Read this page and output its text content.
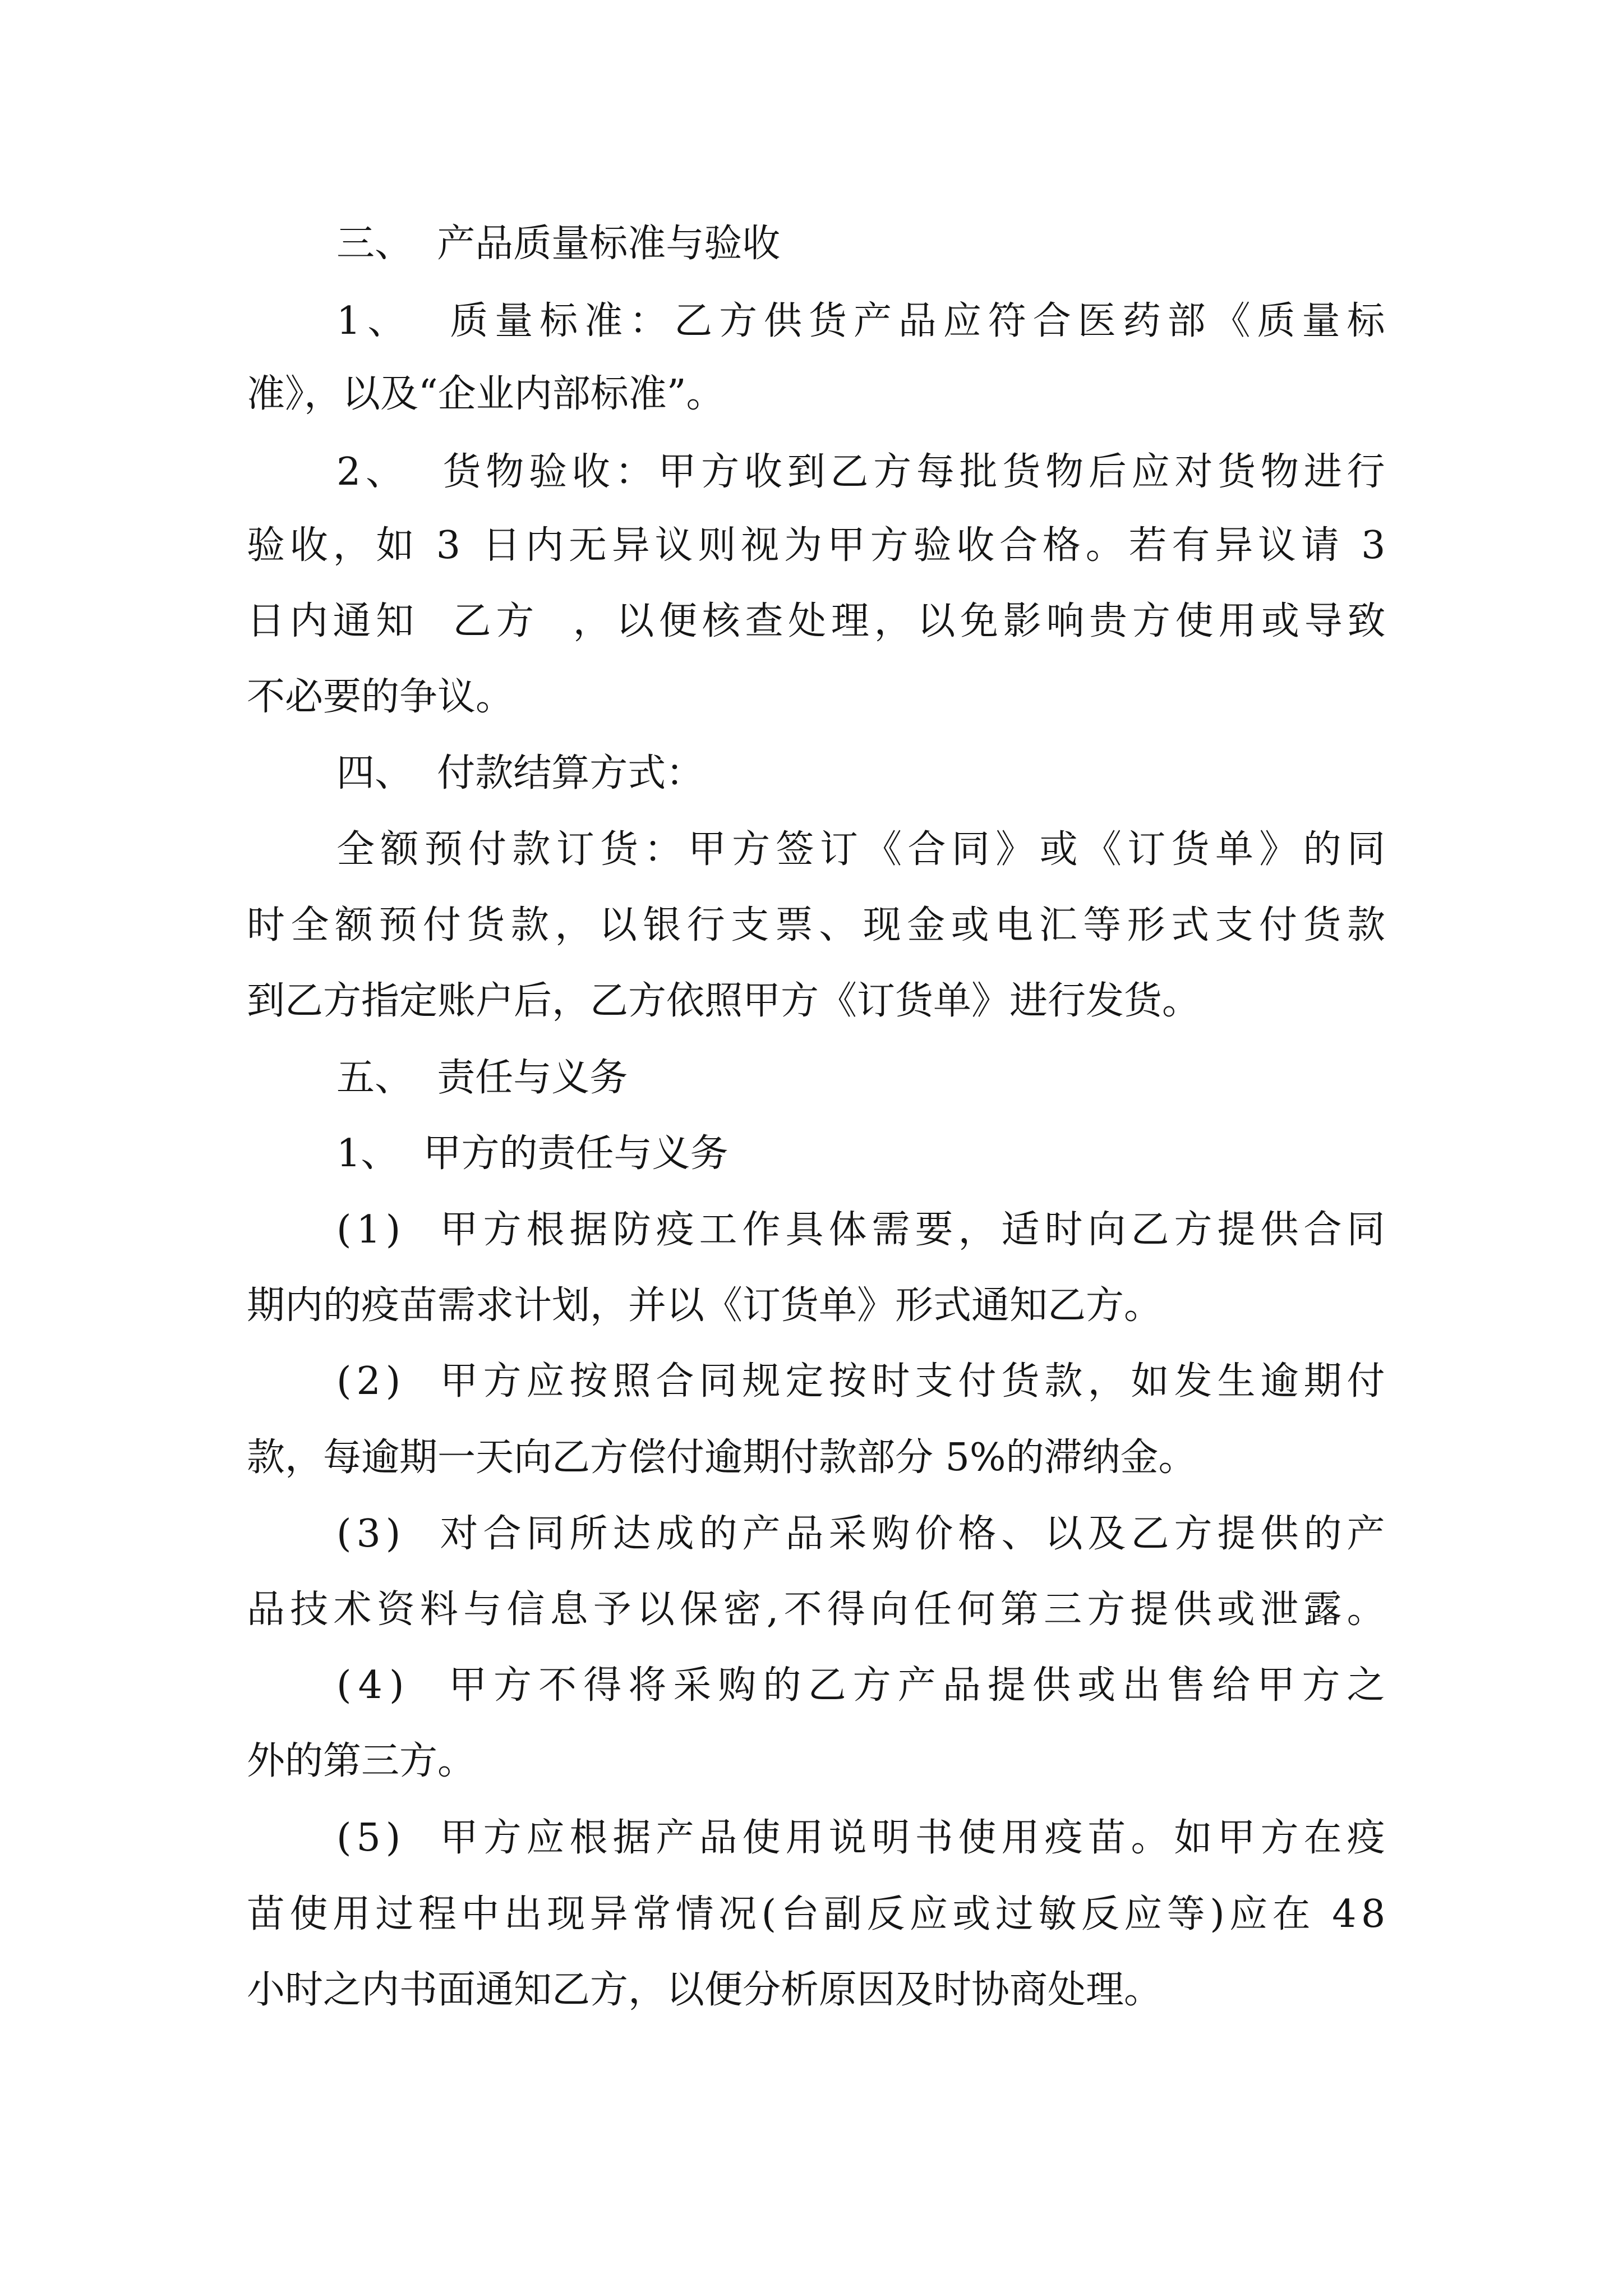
三、  产品质量标准与验收
1、  质量标准：乙方供货产品应符合医药部《质量标
准》，以及“企业内部标准”。
2、  货物验收：甲方收到乙方每批货物后应对货物进行
验收，如 3 日内无异议则视为甲方验收合格。若有异议请 3
日内通知  乙方  ，以便核查处理，以免影响贵方使用或导致
不必要的争议。
四、  付款结算方式：
全额预付款订货：甲方签订《合同》或《订货单》的同
时全额预付货款，以银行支票、现金或电汇等形式支付货款
到乙方指定账户后，乙方依照甲方《订货单》进行发货。
五、  责任与义务
1、  甲方的责任与义务
(1)  甲方根据防疫工作具体需要，适时向乙方提供合同
期内的疫苗需求计划，并以《订货单》形式通知乙方。
(2)  甲方应按照合同规定按时支付货款，如发生逾期付
款，每逾期一天向乙方偿付逾期付款部分 5%的滞纳金。
(3)  对合同所达成的产品采购价格、以及乙方提供的产
品技术资料与信息予以保密,不得向任何第三方提供或泄露。
(4)  甲方不得将采购的乙方产品提供或出售给甲方之
外的第三方。
(5)  甲方应根据产品使用说明书使用疫苗。如甲方在疫
苗使用过程中出现异常情况(台副反应或过敏反应等)应在 48
小时之内书面通知乙方，以便分析原因及时协商处理。
